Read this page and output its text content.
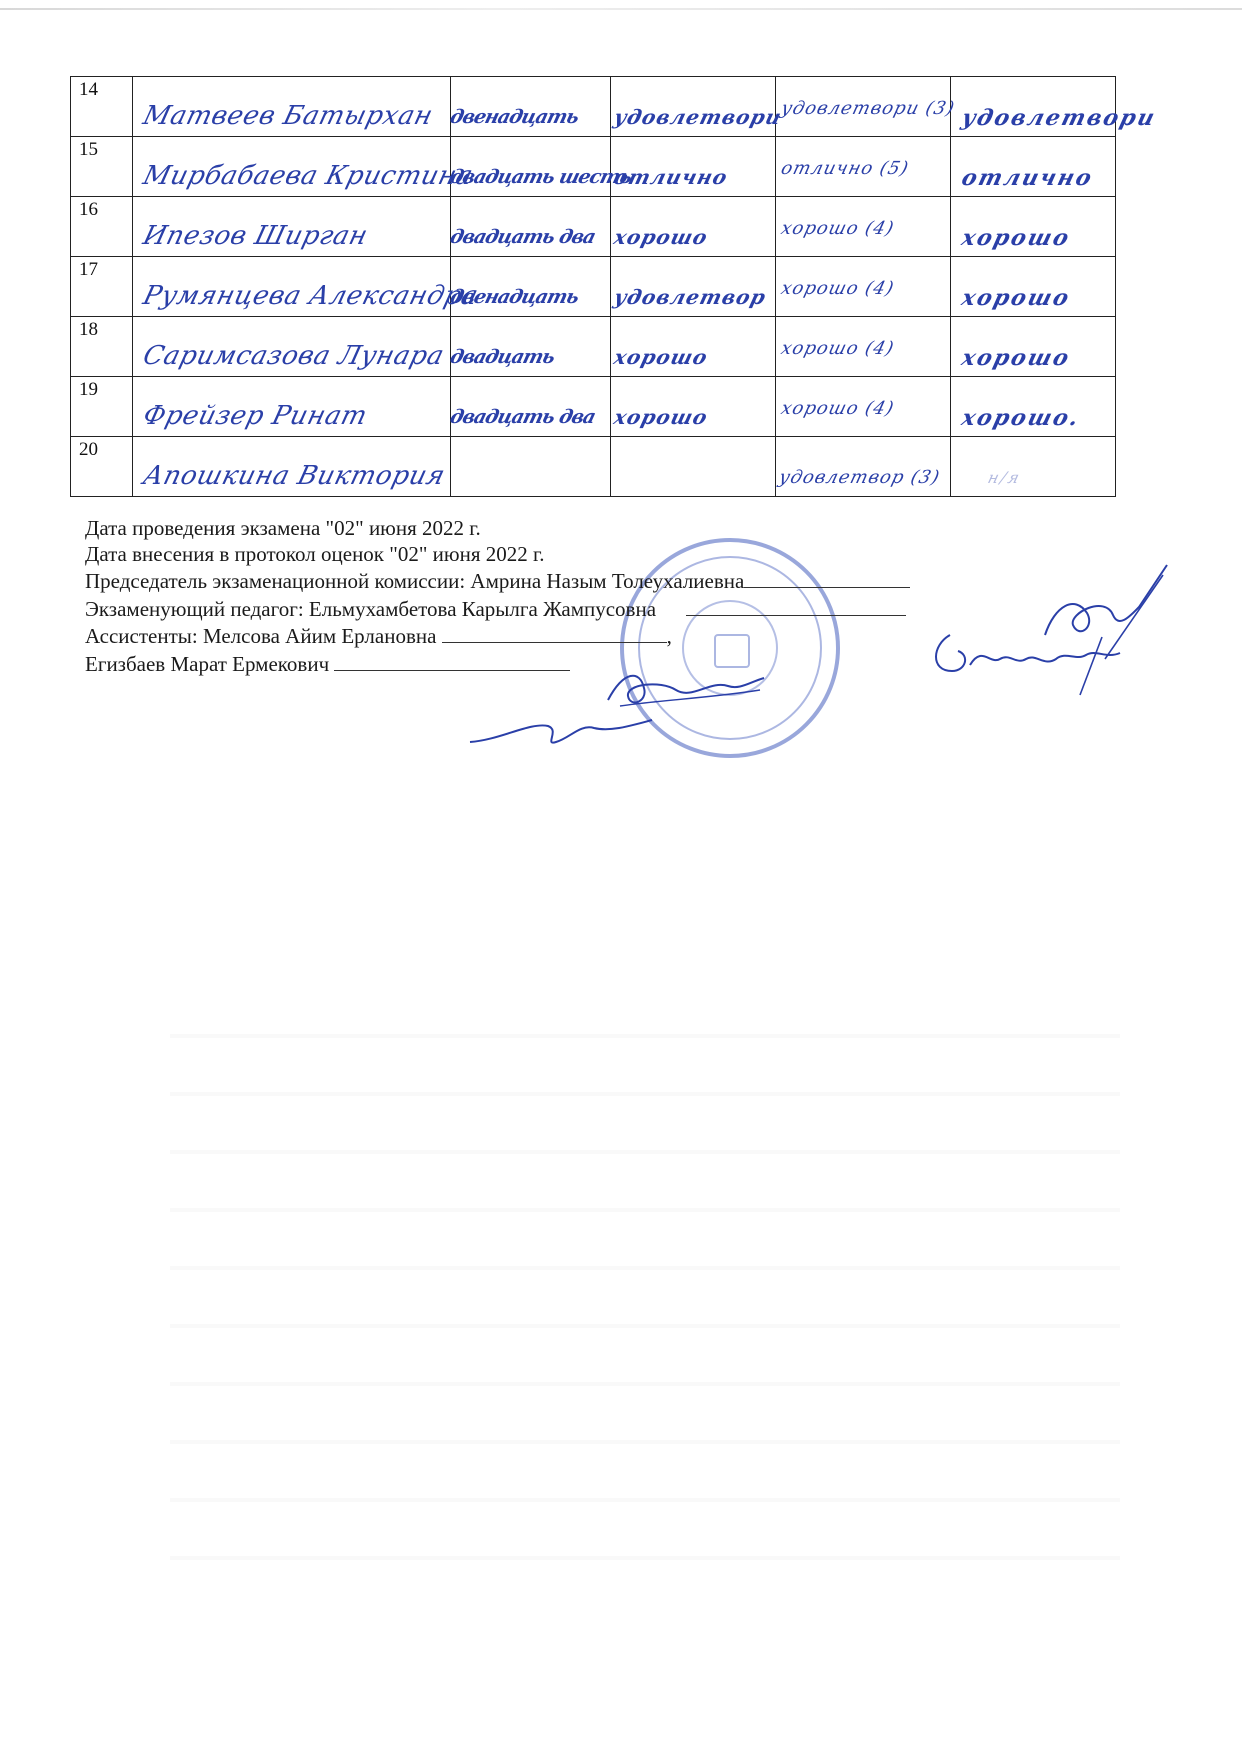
14	Матвеев Батырхан	двенадцать	удовлетвори	удовлетвори (3)	удовлетвори

15	Мирбабаева Кристина	двадцать шесть	отлично	отлично (5)	отлично

16	Ипезов Ширган	двадцать два	хорошо	хорошо (4)	хорошо

17	Румянцева Александра	двенадцать	удовлетвор	хорошо (4)	хорошо

18	Саримсазова Лунара	двадцать	хорошо	хорошо (4)	хорошо

19	Фрейзер Ринат	двадцать два	хорошо	хорошо (4)	хорошо.

20	Апошкина Виктория			удовлетвор (3)	н/я
Дата проведения экзамена "02" июня 2022 г.
Дата внесения в протокол оценок "02" июня 2022 г.
Председатель экзаменационной комиссии: Амрина Назым Толеухалиевна
Экзаменующий педагог: Ельмухамбетова Карылга Жампусовна
Ассистенты: Мелсова Айим Ерлановна	,
Егизбаев Марат Ермекович
